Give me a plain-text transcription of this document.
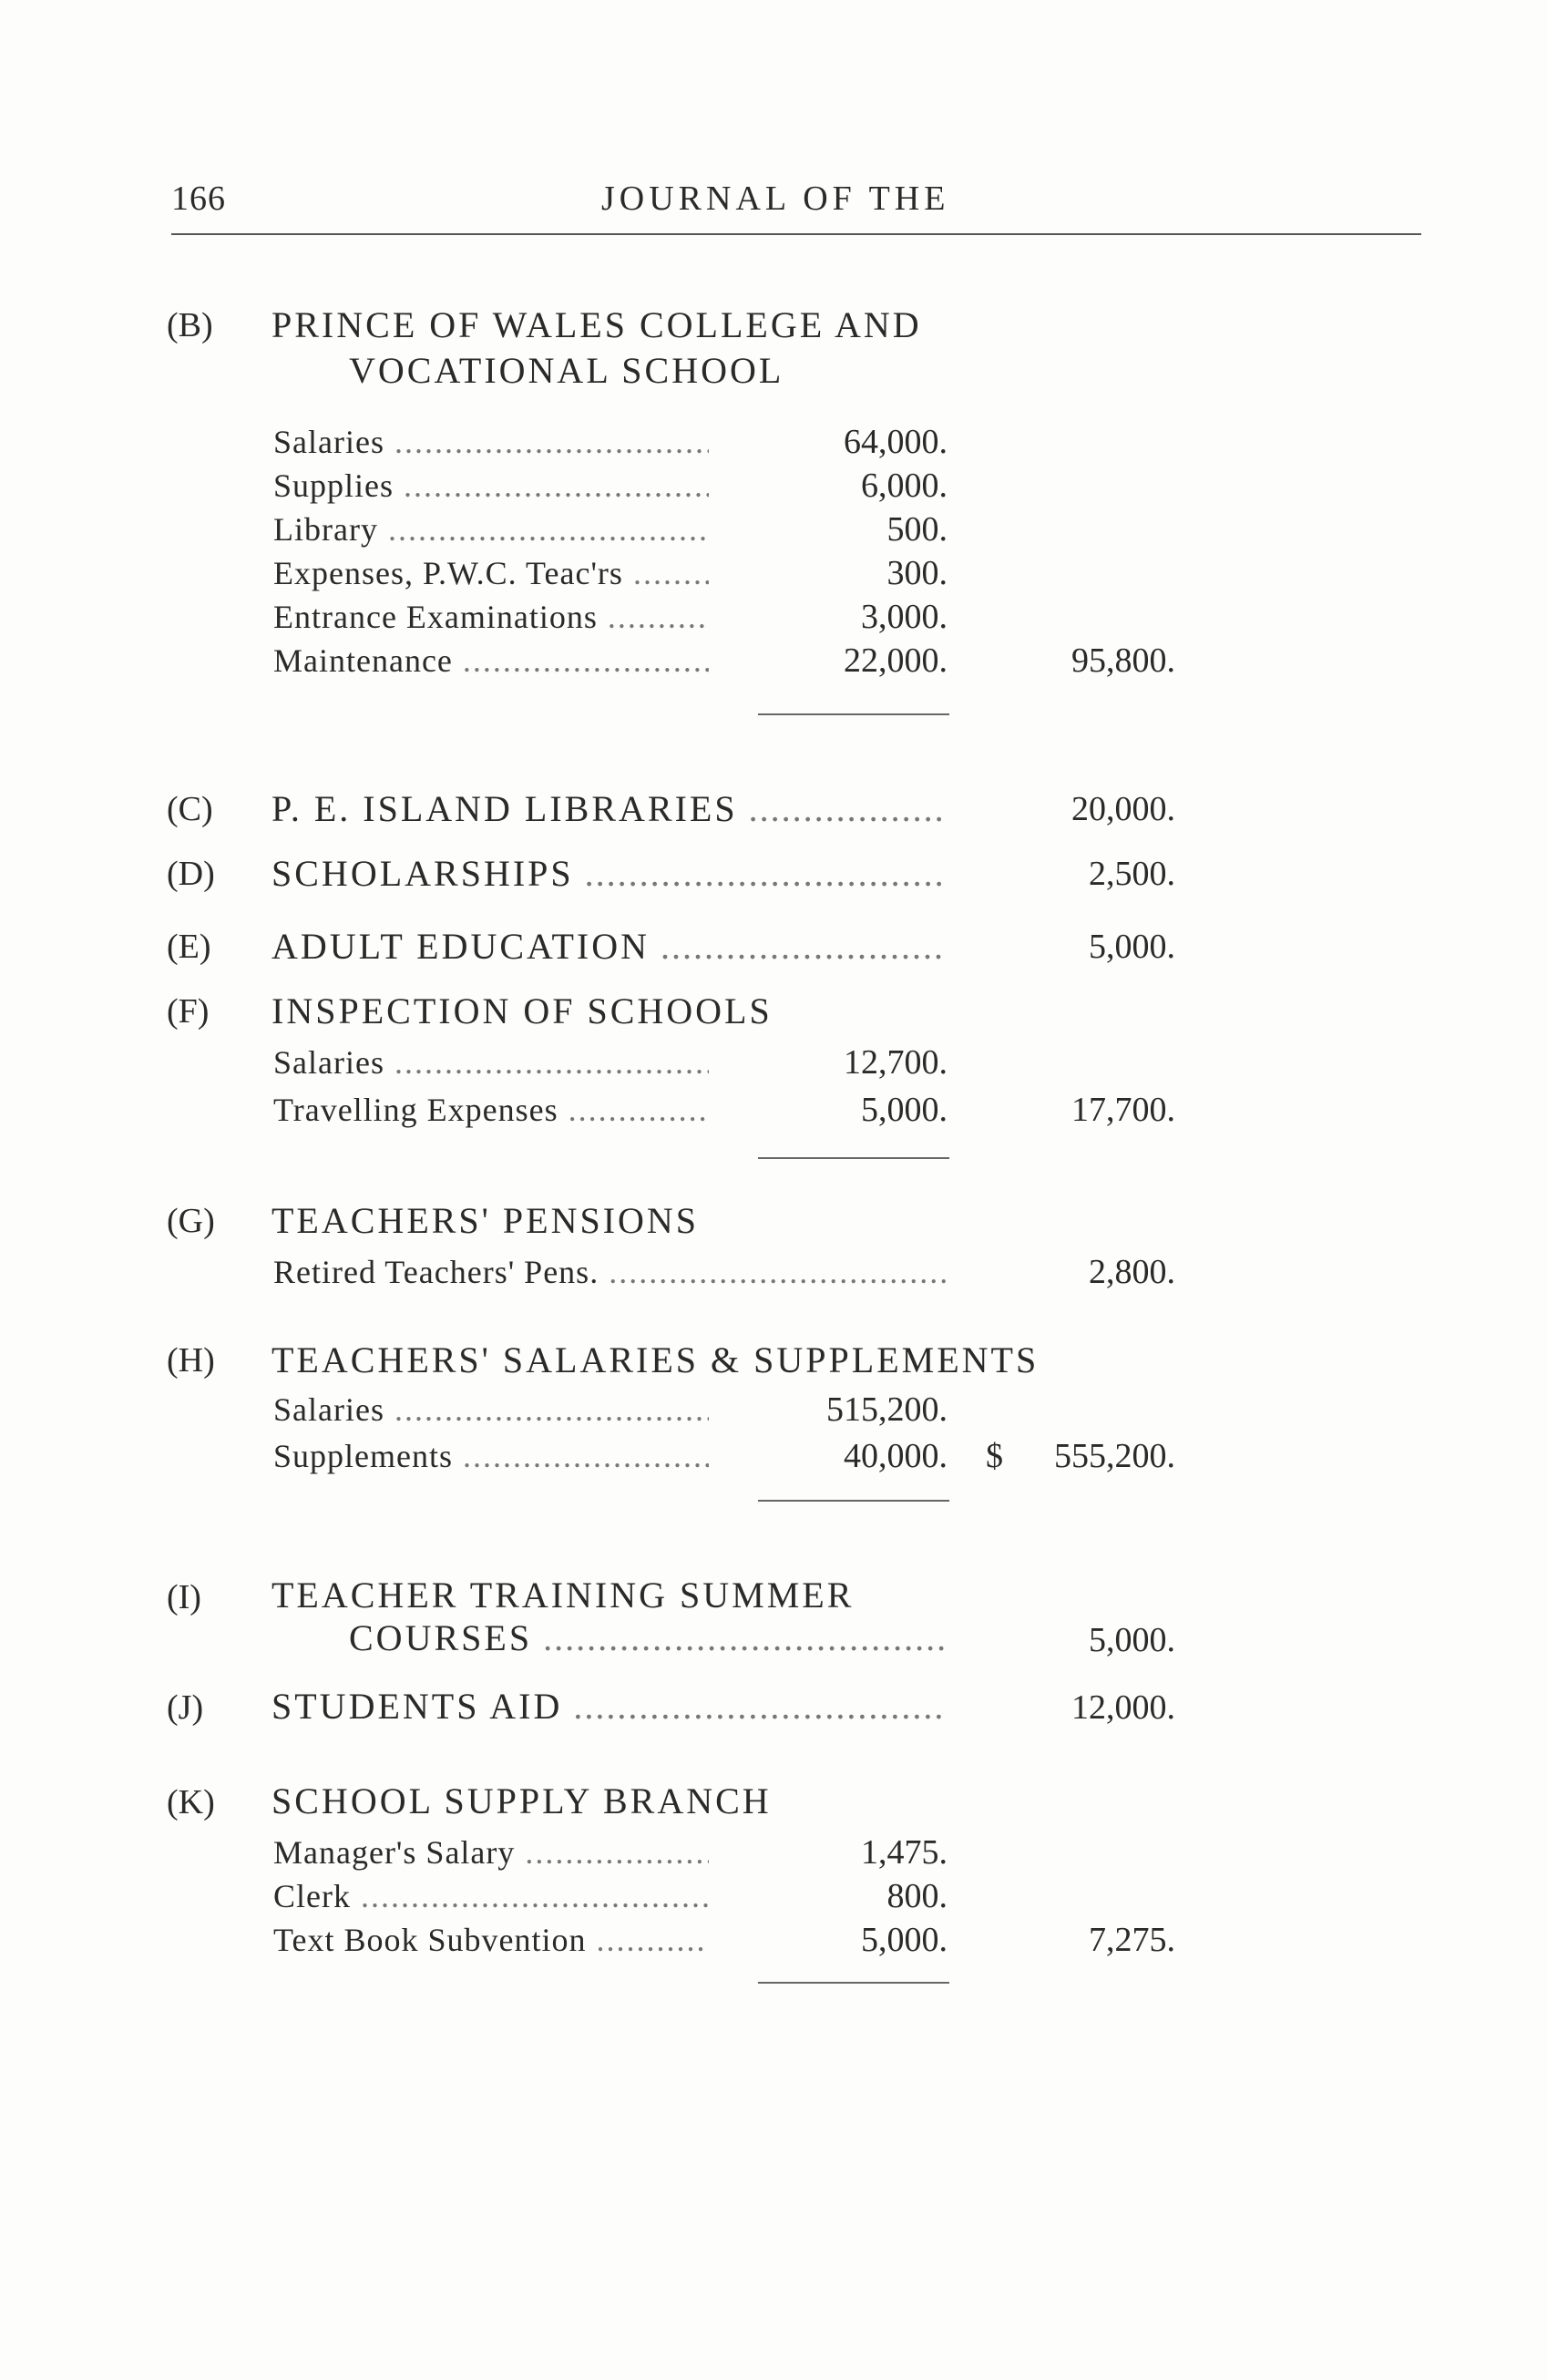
166	JOURNAL OF THE
(B) PRINCE OF WALES COLLEGE AND
VOCATIONAL SCHOOL
Salaries .....	64,000.
Supplies .....	6,000.
Library .....	500.
Expenses, P.W.C. Teac'rs .....	300.
Entrance Examinations .....	3,000.
Maintenance .....	22,000.	95,800.
(C) P. E. ISLAND LIBRARIES .....	20,000.
(D) SCHOLARSHIPS .....	2,500.
(E) ADULT EDUCATION .....	5,000.
(F) INSPECTION OF SCHOOLS
Salaries .....	12,700.
Travelling Expenses .....	5,000.	17,700.
(G) TEACHERS' PENSIONS
Retired Teachers' Pens. .....	2,800.
(H) TEACHERS' SALARIES & SUPPLEMENTS
Salaries .....	515,200.
Supplements .....	40,000. $	555,200.
(I) TEACHER TRAINING SUMMER
COURSES .....	5,000.
(J) STUDENTS AID .....	12,000.
(K) SCHOOL SUPPLY BRANCH
Manager's Salary .....	1,475.
Clerk .....	800.
Text Book Subvention .....	5,000.	7,275.
